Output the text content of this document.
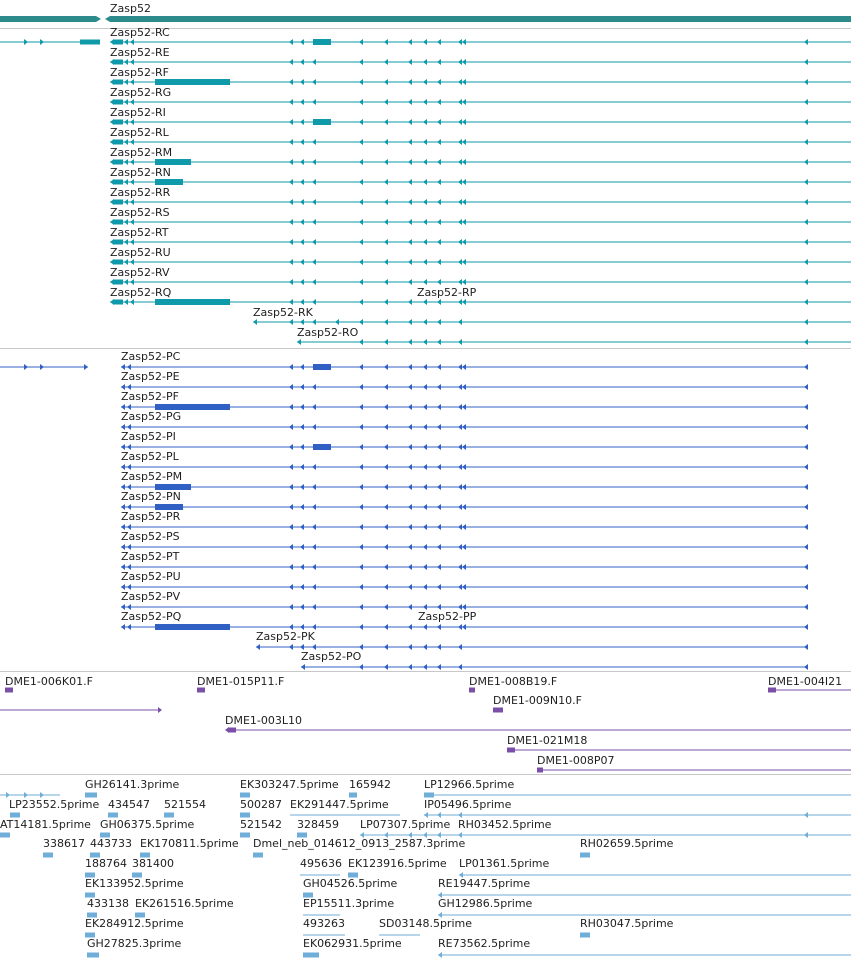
Zasp52
Zasp52-RC
Zasp52-RE
Zasp52-RF
Zasp52-RG
Zasp52-RI
Zasp52-RL
Zasp52-RM
Zasp52-RN
Zasp52-RR
Zasp52-RS
Zasp52-RT
Zasp52-RU
Zasp52-RV
Zasp52-RQ	Zasp52-RP
Zasp52-RK
Zasp52-RO
Zasp52-PC
Zasp52-PE
Zasp52-PF
Zasp52-PG
Zasp52-PI
Zasp52-PL
Zasp52-PM
Zasp52-PN
Zasp52-PR
Zasp52-PS
Zasp52-PT
Zasp52-PU
Zasp52-PV
Zasp52-PQ	Zasp52-PP
Zasp52-PK
Zasp52-PO
DME1-006K01.F	DME1-015P11.F	DME1-008B19.F	DME1-004I21
DME1-009N10.F
DME1-003L10
DME1-021M18
DME1-008P07
GH26141.3prime	EK303247.5prime 165942	LP12966.5prime
LP23552.5prime 434547 521554	500287 EK291447.5prime	IP05496.5prime
AT14181.5prime GH06375.5prime	521542 328459 LP07307.5prime RH03452.5prime
338617 443733 EK170811.5prime Dmel_neb_014612_0913_2587.3prime	RH02659.5prime
188764 381400	495636 EK123916.5prime LP01361.5prime
EK133952.5prime	GH04526.5prime	RE19447.5prime
433138 EK261516.5prime	EP15511.3prime	GH12986.5prime
EK284912.5prime	493263	SD03148.5prime	RH03047.5prime
GH27825.3prime	EK062931.5prime	RE73562.5prime
